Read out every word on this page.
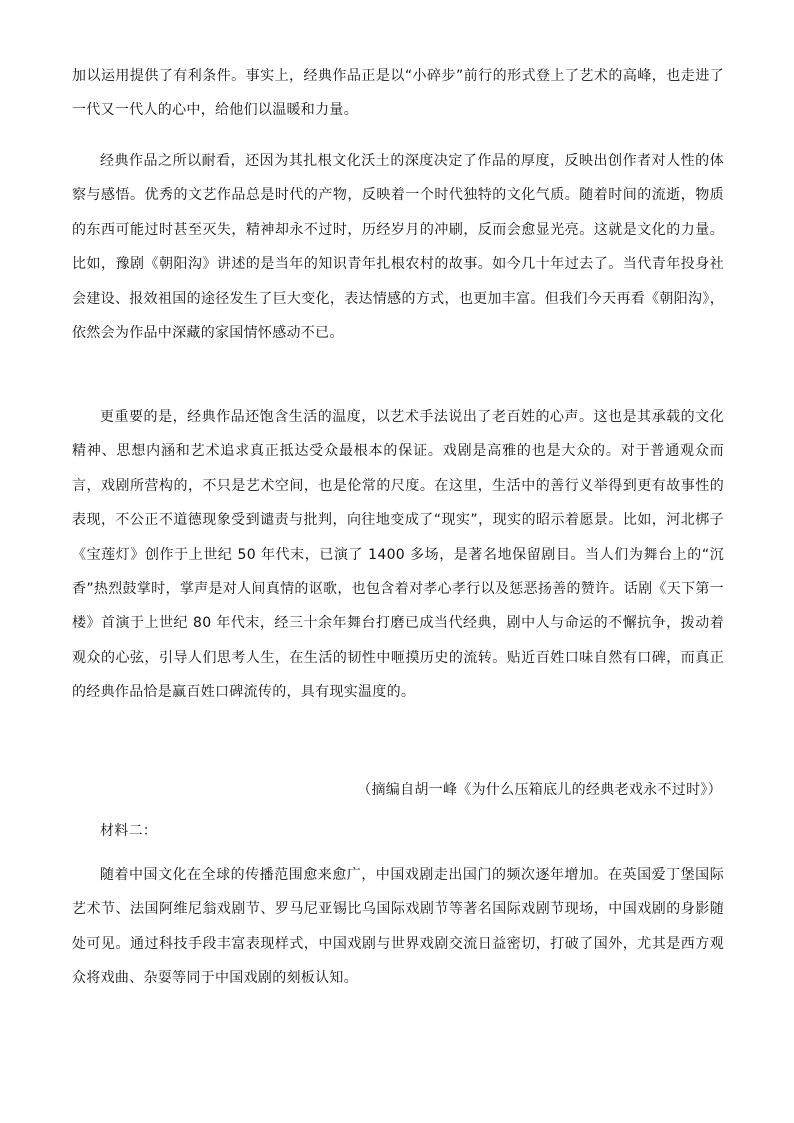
加以运用提供了有利条件。事实上，经典作品正是以“小碎步”前行的形式登上了艺术的高峰，也走进了一代又一代人的心中，给他们以温暖和力量。

经典作品之所以耐看，还因为其扎根文化沃土的深度决定了作品的厚度，反映出创作者对人性的体察与感悟。优秀的文艺作品总是时代的产物，反映着一个时代独特的文化气质。随着时间的流逝，物质的东西可能过时甚至灭失，精神却永不过时，历经岁月的冲刷，反而会愈显光亮。这就是文化的力量。比如，豫剧《朝阳沟》讲述的是当年的知识青年扎根农村的故事。如今几十年过去了。当代青年投身社会建设、报效祖国的途径发生了巨大变化，表达情感的方式，也更加丰富。但我们今天再看《朝阳沟》，依然会为作品中深藏的家国情怀感动不已。

更重要的是，经典作品还饱含生活的温度，以艺术手法说出了老百姓的心声。这也是其承载的文化精神、思想内涵和艺术追求真正抵达受众最根本的保证。戏剧是高雅的也是大众的。对于普通观众而言，戏剧所营构的，不只是艺术空间，也是伦常的尺度。在这里，生活中的善行义举得到更有故事性的表现，不公正不道德现象受到谴责与批判，向往地变成了“现实”，现实的昭示着愿景。比如，河北梆子《宝莲灯》创作于上世纪 50 年代末，已演了 1400 多场，是著名地保留剧目。当人们为舞台上的“沉香”热烈鼓掌时，掌声是对人间真情的讴歌，也包含着对孝心孝行以及惩恶扬善的赞许。话剧《天下第一楼》首演于上世纪 80 年代末，经三十余年舞台打磨已成当代经典，剧中人与命运的不懈抗争，拨动着观众的心弦，引导人们思考人生，在生活的韧性中咂摸历史的流转。贴近百姓口味自然有口碑，而真正的经典作品恰是赢百姓口碑流传的，具有现实温度的。

（摘编自胡一峰《为什么压箱底儿的经典老戏永不过时》）

材料二：

随着中国文化在全球的传播范围愈来愈广，中国戏剧走出国门的频次逐年增加。在英国爱丁堡国际艺术节、法国阿维尼翁戏剧节、罗马尼亚锡比乌国际戏剧节等著名国际戏剧节现场，中国戏剧的身影随处可见。通过科技手段丰富表现样式，中国戏剧与世界戏剧交流日益密切，打破了国外，尤其是西方观众将戏曲、杂耍等同于中国戏剧的刻板认知。
